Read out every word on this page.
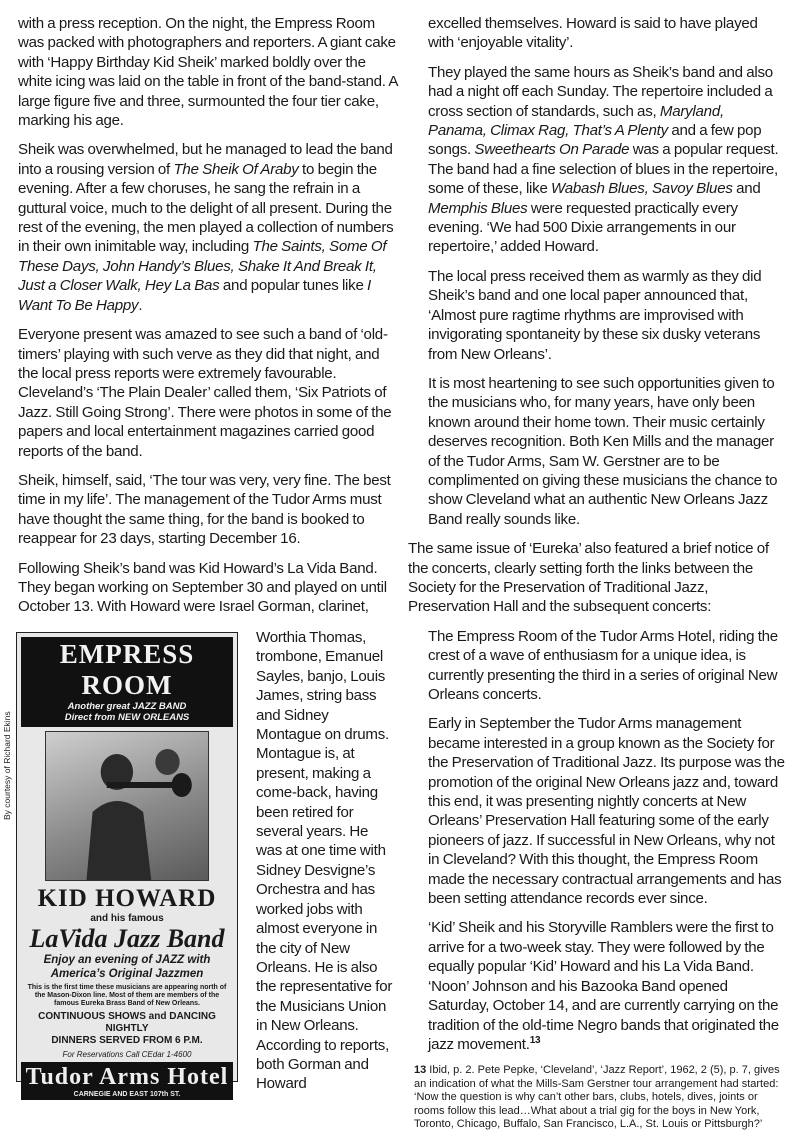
with a press reception. On the night, the Empress Room was packed with photographers and reporters. A giant cake with ‘Happy Birthday Kid Sheik’ marked boldly over the white icing was laid on the table in front of the band-stand. A large figure five and three, surmounted the four tier cake, marking his age.

Sheik was overwhelmed, but he managed to lead the band into a rousing version of The Sheik Of Araby to begin the evening. After a few choruses, he sang the refrain in a guttural voice, much to the delight of all present. During the rest of the evening, the men played a collection of numbers in their own inimitable way, including The Saints, Some Of These Days, John Handy’s Blues, Shake It And Break It, Just a Closer Walk, Hey La Bas and popular tunes like I Want To Be Happy.

Everyone present was amazed to see such a band of ‘old-timers’ playing with such verve as they did that night, and the local press reports were extremely favourable. Cleveland’s ‘The Plain Dealer’ called them, ‘Six Patriots of Jazz. Still Going Strong’. There were photos in some of the papers and local entertainment magazines carried good reports of the band.

Sheik, himself, said, ‘The tour was very, very fine. The best time in my life’. The management of the Tudor Arms must have thought the same thing, for the band is booked to reappear for 23 days, starting December 16.

Following Sheik’s band was Kid Howard’s La Vida Band. They began working on September 30 and played on until October 13. With Howard were Israel Gorman, clarinet,

By courtesy of Richard Ekins
EMPRESS ROOM
Another great JAZZ BAND
Direct from NEW ORLEANS
KID HOWARD
and his famous
LaVida Jazz Band
Enjoy an evening of JAZZ with
America’s Original Jazzmen
This is the first time these musicians are appearing north of the Mason-Dixon line. Most of them are members of the famous Eureka Brass Band of New Orleans.
CONTINUOUS SHOWS and DANCING NIGHTLY
DINNERS SERVED FROM 6 P.M.
For Reservations Call CEdar 1-4600
Tudor Arms Hotel
CARNEGIE AND EAST 107th ST.

Worthia Thomas, trombone, Emanuel Sayles, banjo, Louis James, string bass and Sidney Montague on drums. Montague is, at present, making a come-back, having been retired for several years. He was at one time with Sidney Desvigne’s Orchestra and has worked jobs with almost everyone in the city of New Orleans. He is also the representative for the Musicians Union in New Orleans. According to reports, both Gorman and Howard

excelled themselves. Howard is said to have played with ‘enjoyable vitality’.

They played the same hours as Sheik’s band and also had a night off each Sunday. The repertoire included a cross section of standards, such as, Maryland, Panama, Climax Rag, That’s A Plenty and a few pop songs. Sweethearts On Parade was a popular request. The band had a fine selection of blues in the repertoire, some of these, like Wabash Blues, Savoy Blues and Memphis Blues were requested practically every evening. ‘We had 500 Dixie arrangements in our repertoire,’ added Howard.

The local press received them as warmly as they did Sheik’s band and one local paper announced that, ‘Almost pure ragtime rhythms are improvised with invigorating spontaneity by these six dusky veterans from New Orleans’.

It is most heartening to see such opportunities given to the musicians who, for many years, have only been known around their home town. Their music certainly deserves recognition. Both Ken Mills and the manager of the Tudor Arms, Sam W. Gerstner are to be complimented on giving these musicians the chance to show Cleveland what an authentic New Orleans Jazz Band really sounds like.

The same issue of ‘Eureka’ also featured a brief notice of the concerts, clearly setting forth the links between the Society for the Preservation of Traditional Jazz, Preservation Hall and the subsequent concerts:

The Empress Room of the Tudor Arms Hotel, riding the crest of a wave of enthusiasm for a unique idea, is currently presenting the third in a series of original New Orleans concerts.

Early in September the Tudor Arms management became interested in a group known as the Society for the Preservation of Traditional Jazz. Its purpose was the promotion of the original New Orleans jazz and, toward this end, it was presenting nightly concerts at New Orleans’ Preservation Hall featuring some of the early pioneers of jazz. If successful in New Orleans, why not in Cleveland? With this thought, the Empress Room made the necessary contractual arrangements and has been setting attendance records ever since.

‘Kid’ Sheik and his Storyville Ramblers were the first to arrive for a two-week stay. They were followed by the equally popular ‘Kid’ Howard and his La Vida Band. ‘Noon’ Johnson and his Bazooka Band opened Saturday, October 14, and are currently carrying on the tradition of the old-time Negro bands that originated the jazz movement.$^{13}$

13 Ibid, p. 2. Pete Pepke, ‘Cleveland’, ‘Jazz Report’, 1962, 2 (5), p. 7, gives an indication of what the Mills-Sam Gerstner tour arrangement had started: ‘Now the question is why can’t other bars, clubs, hotels, dives, joints or rooms follow this lead…What about a trial gig for the boys in New York, Toronto, Chicago, Buffalo, San Francisco, L.A., St. Louis or Pittsburgh?’
